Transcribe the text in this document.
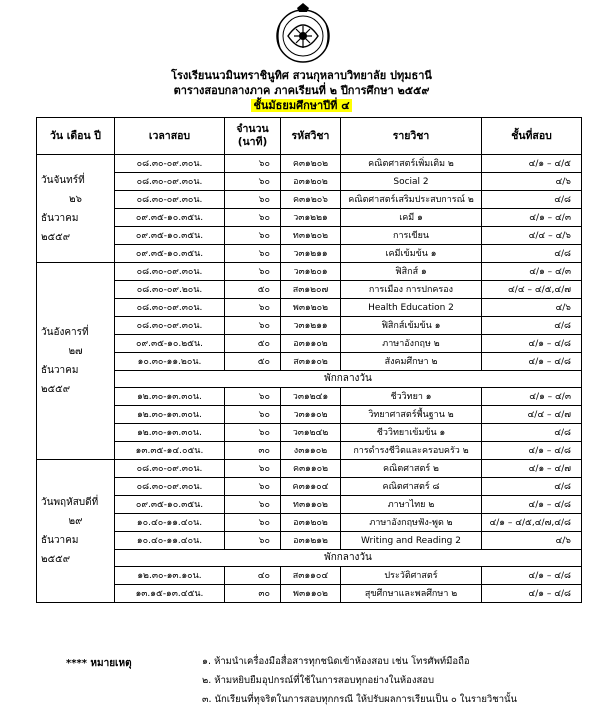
โรงเรียนนวมินทราชินูทิศ สวนกุหลาบวิทยาลัย ปทุมธานี
ตารางสอบกลางภาค ภาคเรียนที่ ๒ ปีการศึกษา ๒๕๕๙
ชั้นมัธยมศึกษาปีที่ ๔
วัน เดือน ปี	เวลาสอบ	จำนวน (นาที)	รหัสวิชา	รายวิชา	ชั้นที่สอบ

วันจันทร์ที่
๒๖
ธันวาคม
๒๕๕๙	๐๘.๓๐-๐๙.๓๐น.	๖๐	ค๓๑๒๐๒	คณิตศาสตร์เพิ่มเติม ๒	๔/๑ – ๔/๕
	๐๘.๓๐-๐๙.๓๐น.	๖๐	อ๓๑๒๐๒	Social 2	๔/๖
	๐๘.๓๐-๐๙.๓๐น.	๖๐	ค๓๑๒๐๖	คณิตศาสตร์เสริมประสบการณ์ ๒	๔/๘
	๐๙.๓๕-๑๐.๓๕น.	๖๐	ว๓๑๒๒๑	เคมี ๑	๔/๑ – ๔/๓
	๐๙.๓๕-๑๐.๓๕น.	๖๐	ท๓๑๒๐๒	การเขียน	๔/๔ – ๔/๖
	๐๙.๓๕-๑๐.๓๕น.	๖๐	ว๓๑๒๑๑	เคมีเข้มข้น ๑	๔/๘

วันอังคารที่
๒๗
ธันวาคม
๒๕๕๙	๐๘.๓๐-๐๙.๓๐น.	๖๐	ว๓๑๒๐๑	ฟิสิกส์ ๑	๔/๑ – ๔/๓
	๐๘.๓๐-๐๙.๒๐น.	๕๐	ส๓๑๒๐๗	การเมือง การปกครอง	๔/๔ – ๔/๕,๔/๗
	๐๘.๓๐-๐๙.๓๐น.	๖๐	พ๓๑๒๐๒	Health Education 2	๔/๖
	๐๘.๓๐-๐๙.๓๐น.	๖๐	ว๓๑๒๑๑	ฟิสิกส์เข้มข้น ๑	๔/๘
	๐๙.๓๕-๑๐.๒๕น.	๕๐	อ๓๑๑๐๒	ภาษาอังกฤษ ๒	๔/๑ – ๔/๘
	๑๐.๓๐-๑๑.๒๐น.	๕๐	ส๓๑๑๐๒	สังคมศึกษา ๒	๔/๑ – ๔/๘
	พักกลางวัน				
	๑๒.๓๐-๑๓.๓๐น.	๖๐	ว๓๑๒๔๑	ชีววิทยา ๑	๔/๑ – ๔/๓
	๑๒.๓๐-๑๓.๓๐น.	๖๐	ว๓๑๑๐๒	วิทยาศาสตร์พื้นฐาน ๒	๔/๔ – ๔/๗
	๑๒.๓๐-๑๓.๓๐น.	๖๐	ว๓๑๒๔๒	ชีววิทยาเข้มข้น ๑	๔/๘
	๑๓.๓๕-๑๔.๐๕น.	๓๐	ง๓๑๑๐๒	การดำรงชีวิตและครอบครัว ๒	๔/๑ – ๔/๘

วันพฤหัสบดีที่
๒๙
ธันวาคม
๒๕๕๙	๐๘.๓๐-๐๙.๓๐น.	๖๐	ค๓๑๑๐๒	คณิตศาสตร์ ๒	๔/๑ – ๔/๗
	๐๘.๓๐-๐๙.๓๐น.	๖๐	ค๓๑๑๐๔	คณิตศาสตร์ ๘	๔/๘
	๐๙.๓๕-๑๐.๓๕น.	๖๐	ท๓๑๑๐๒	ภาษาไทย ๒	๔/๑ – ๔/๘
	๑๐.๔๐-๑๑.๔๐น.	๖๐	อ๓๑๒๐๒	ภาษาอังกฤษฟัง-พูด ๒	๔/๑ – ๔/๕,๔/๗,๔/๘
	๑๐.๔๐-๑๑.๔๐น.	๖๐	อ๓๑๒๑๒	Writing and Reading 2	๔/๖
	พักกลางวัน				
	๑๒.๓๐-๑๓.๑๐น.	๔๐	ส๓๑๑๐๔	ประวัติศาสตร์	๔/๑ – ๔/๘
	๑๓.๑๕-๑๓.๔๕น.	๓๐	พ๓๑๑๐๒	สุขศึกษาและพลศึกษา ๒	๔/๑ – ๔/๘
**** หมายเหตุ	๑. ห้ามนำเครื่องมือสื่อสารทุกชนิดเข้าห้องสอบ เช่น โทรศัพท์มือถือ
๒. ห้ามหยิบยืมอุปกรณ์ที่ใช้ในการสอบทุกอย่างในห้องสอบ
๓. นักเรียนที่ทุจริตในการสอบทุกกรณี ให้ปรับผลการเรียนเป็น ๐ ในรายวิชานั้น
